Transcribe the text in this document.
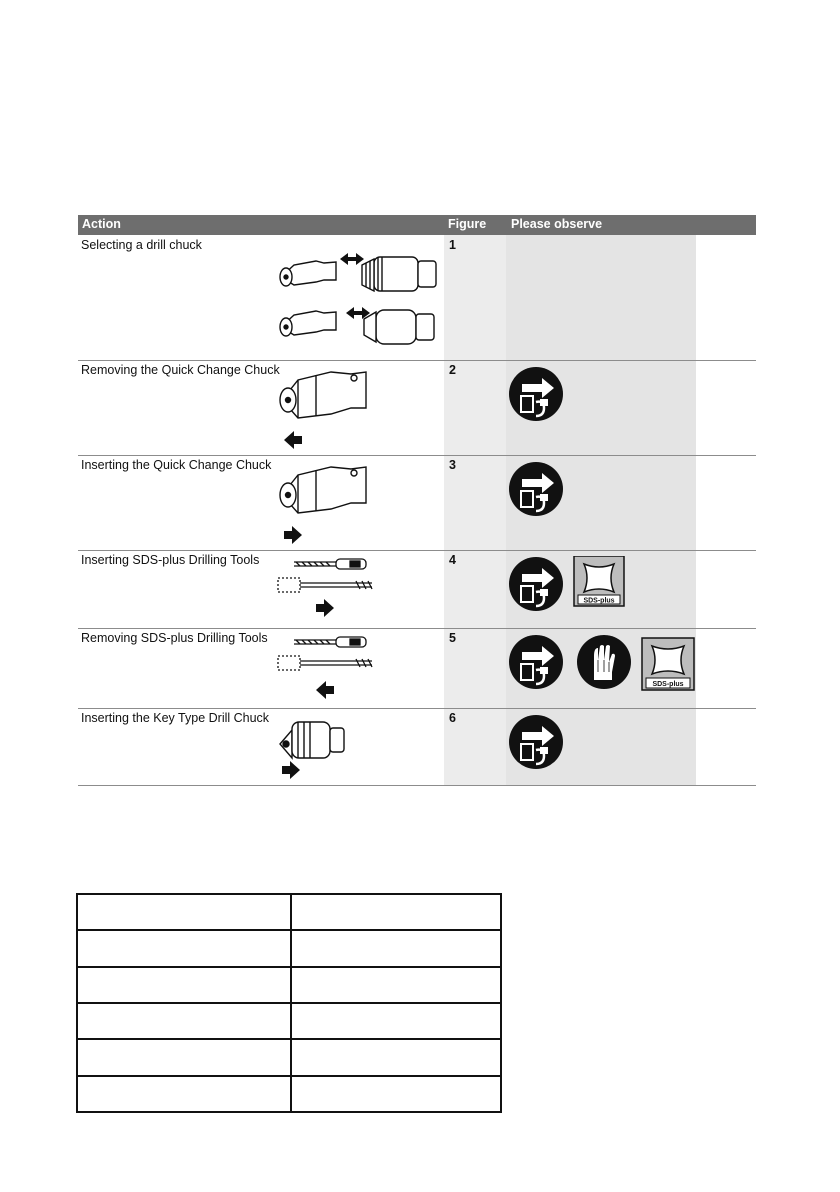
Action	Figure Please observe
Selecting a drill chuck	1
Removing the Quick Change Chuck	2
Inserting the Quick Change Chuck	3
Inserting SDS-plus Drilling Tools	4
SDS-plus
Removing SDS-plus Drilling Tools	5
SDS-plus
Inserting the Key Type Drill Chuck	6
